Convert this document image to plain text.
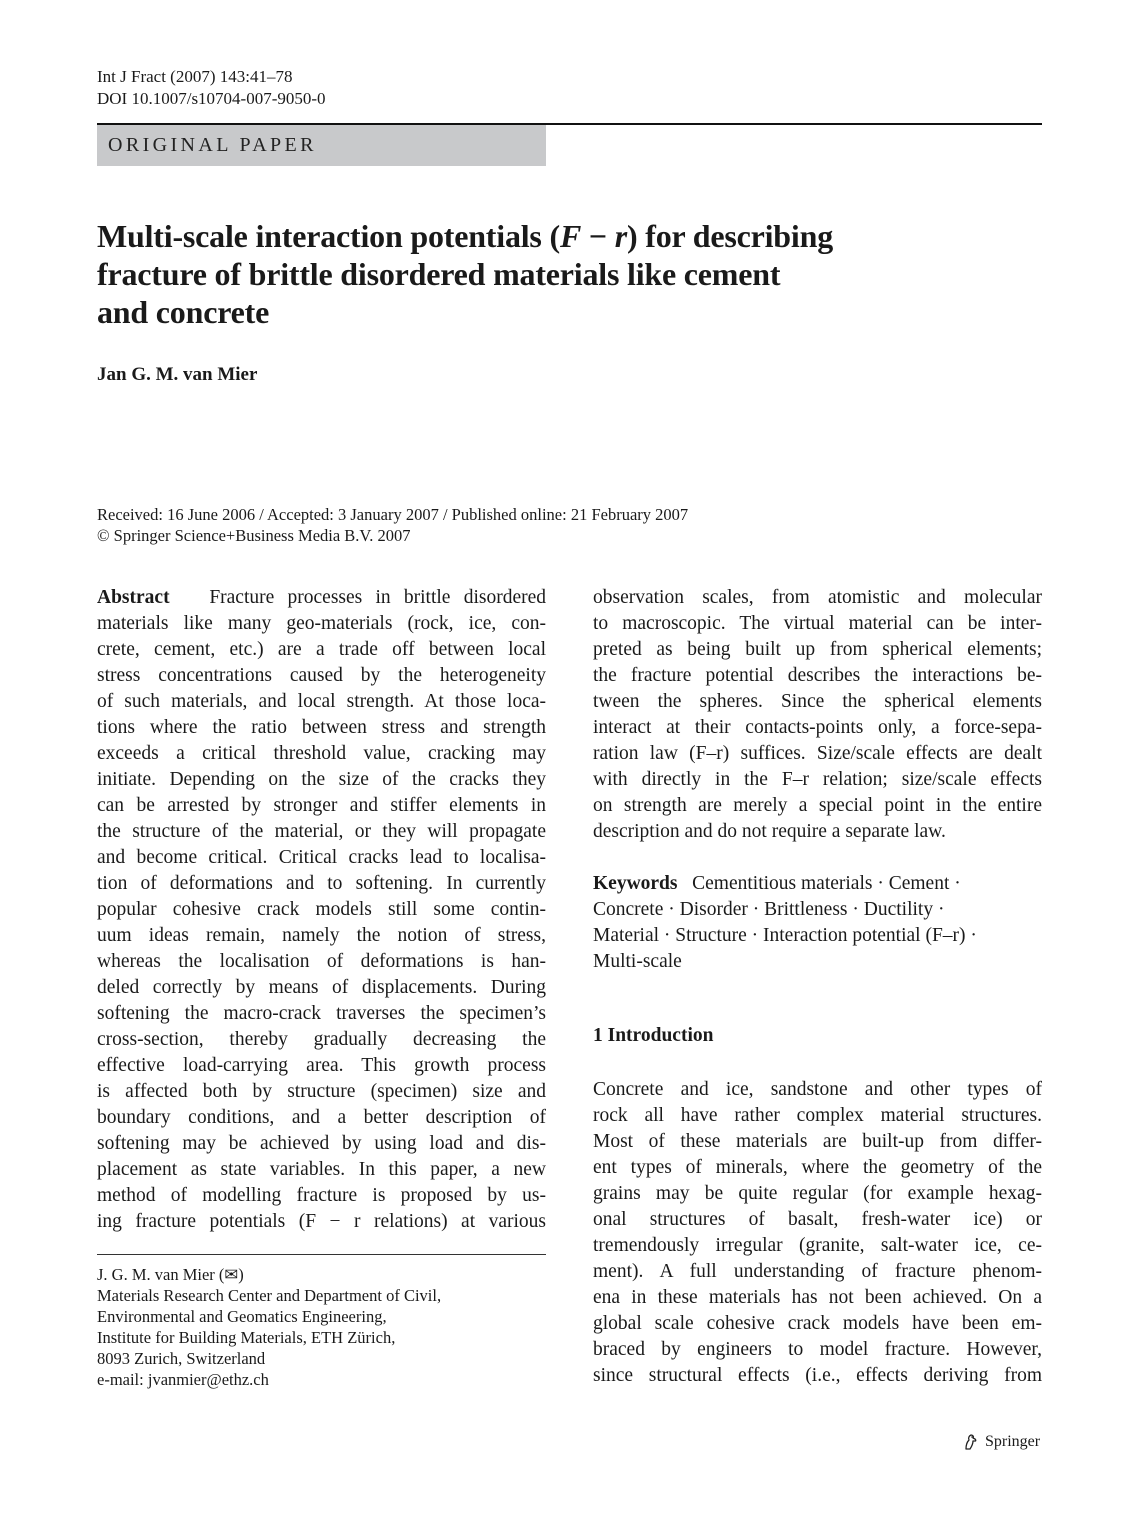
Int J Fract (2007) 143:41–78
DOI 10.1007/s10704-007-9050-0
ORIGINAL PAPER
Multi-scale interaction potentials (F − r) for describing
fracture of brittle disordered materials like cement
and concrete
Jan G. M. van Mier
Received: 16 June 2006 / Accepted: 3 January 2007 / Published online: 21 February 2007
© Springer Science+Business Media B.V. 2007
Abstract Fracture processes in brittle disordered
materials like many geo-materials (rock, ice, con-
crete, cement, etc.) are a trade off between local
stress concentrations caused by the heterogeneity
of such materials, and local strength. At those loca-
tions where the ratio between stress and strength
exceeds a critical threshold value, cracking may
initiate. Depending on the size of the cracks they
can be arrested by stronger and stiffer elements in
the structure of the material, or they will propagate
and become critical. Critical cracks lead to localisa-
tion of deformations and to softening. In currently
popular cohesive crack models still some contin-
uum ideas remain, namely the notion of stress,
whereas the localisation of deformations is han-
deled correctly by means of displacements. During
softening the macro-crack traverses the specimen’s
cross-section, thereby gradually decreasing the
effective load-carrying area. This growth process
is affected both by structure (specimen) size and
boundary conditions, and a better description of
softening may be achieved by using load and dis-
placement as state variables. In this paper, a new
method of modelling fracture is proposed by us-
ing fracture potentials (F − r relations) at various
observation scales, from atomistic and molecular
to macroscopic. The virtual material can be inter-
preted as being built up from spherical elements;
the fracture potential describes the interactions be-
tween the spheres. Since the spherical elements
interact at their contacts-points only, a force-sepa-
ration law (F–r) suffices. Size/scale effects are dealt
with directly in the F–r relation; size/scale effects
on strength are merely a special point in the entire
description and do not require a separate law.
Keywords Cementitious materials · Cement ·
Concrete · Disorder · Brittleness · Ductility ·
Material · Structure · Interaction potential (F–r) ·
Multi-scale
1 Introduction
Concrete and ice, sandstone and other types of
rock all have rather complex material structures.
Most of these materials are built-up from differ-
ent types of minerals, where the geometry of the
grains may be quite regular (for example hexag-
onal structures of basalt, fresh-water ice) or
tremendously irregular (granite, salt-water ice, ce-
ment). A full understanding of fracture phenom-
ena in these materials has not been achieved. On a
global scale cohesive crack models have been em-
braced by engineers to model fracture. However,
since structural effects (i.e., effects deriving from
J. G. M. van Mier (✉)
Materials Research Center and Department of Civil,
Environmental and Geomatics Engineering,
Institute for Building Materials, ETH Zürich,
8093 Zurich, Switzerland
e-mail: jvanmier@ethz.ch
Springer
